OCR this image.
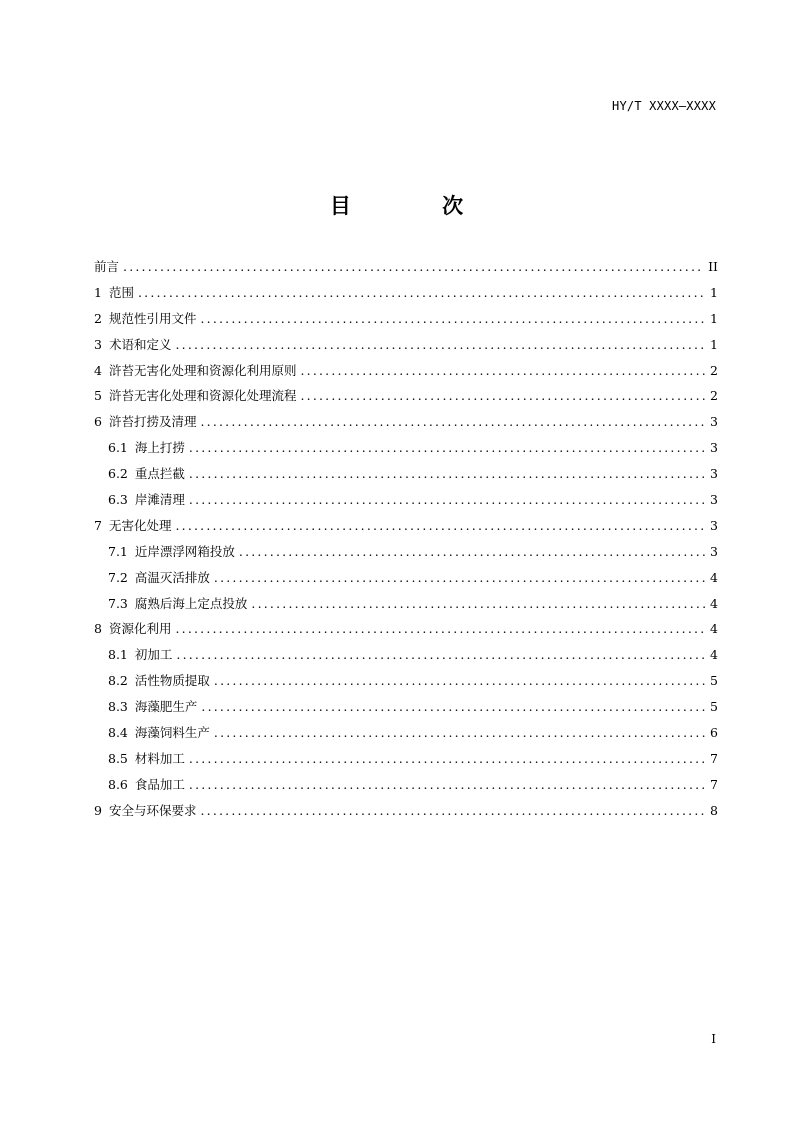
HY/T XXXX—XXXX
目 次
前言 .....	II
1 范围 .....	1
2 规范性引用文件 .....	1
3 术语和定义 .....	1
4 浒苔无害化处理和资源化利用原则 .....	2
5 浒苔无害化处理和资源化处理流程 .....	2
6 浒苔打捞及清理 .....	3
6.1 海上打捞 .....	3
6.2 重点拦截 .....	3
6.3 岸滩清理 .....	3
7 无害化处理 .....	3
7.1 近岸漂浮网箱投放 .....	3
7.2 高温灭活排放 .....	4
7.3 腐熟后海上定点投放 .....	4
8 资源化利用 .....	4
8.1 初加工 .....	4
8.2 活性物质提取 .....	5
8.3 海藻肥生产 .....	5
8.4 海藻饲料生产 .....	6
8.5 材料加工 .....	7
8.6 食品加工 .....	7
9 安全与环保要求 .....	8
I
